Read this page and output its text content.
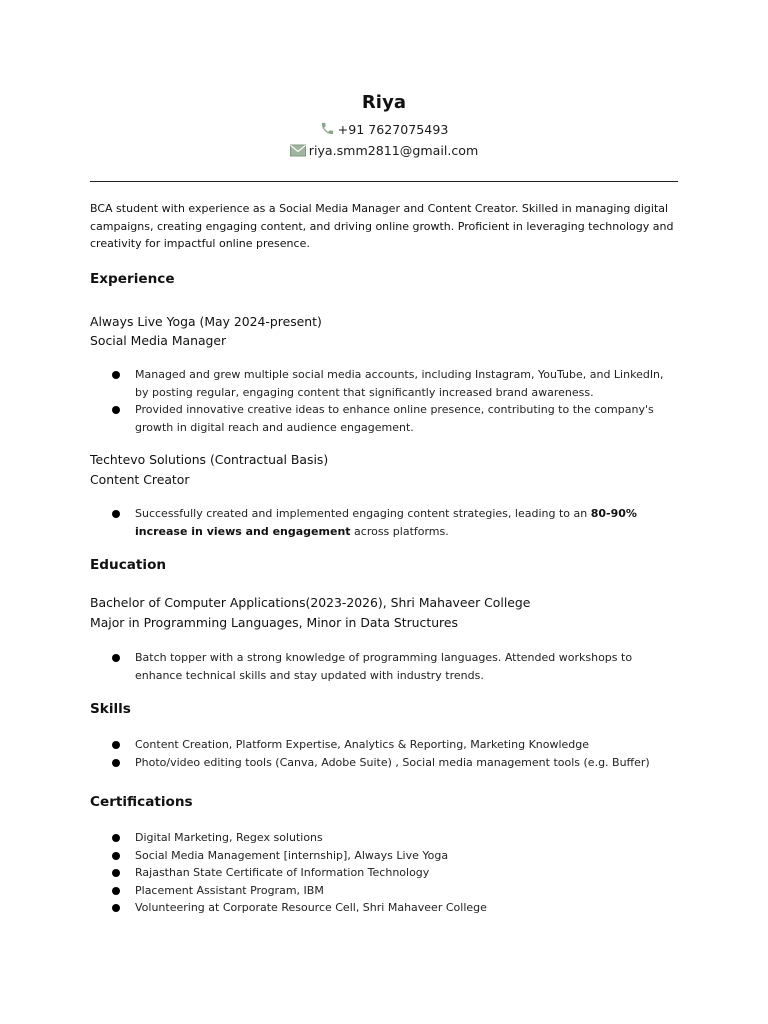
Riya
+91 7627075493
riya.smm2811@gmail.com
BCA student with experience as a Social Media Manager and Content Creator. Skilled in managing digital campaigns, creating engaging content, and driving online growth. Proficient in leveraging technology and creativity for impactful online presence.
Experience
Always Live Yoga (May 2024-present)
Social Media Manager
Managed and grew multiple social media accounts, including Instagram, YouTube, and LinkedIn, by posting regular, engaging content that significantly increased brand awareness.
Provided innovative creative ideas to enhance online presence, contributing to the company's growth in digital reach and audience engagement.
Techtevo Solutions (Contractual Basis)
Content Creator
Successfully created and implemented engaging content strategies, leading to an 80-90% increase in views and engagement across platforms.
Education
Bachelor of Computer Applications(2023-2026), Shri Mahaveer College
Major in Programming Languages, Minor in Data Structures
Batch topper with a strong knowledge of programming languages. Attended workshops to enhance technical skills and stay updated with industry trends.
Skills
Content Creation, Platform Expertise, Analytics & Reporting, Marketing Knowledge
Photo/video editing tools (Canva, Adobe Suite) , Social media management tools (e.g. Buffer)
Certifications
Digital Marketing, Regex solutions
Social Media Management [internship], Always Live Yoga
Rajasthan State Certificate of Information Technology
Placement Assistant Program, IBM
Volunteering at Corporate Resource Cell, Shri Mahaveer College
